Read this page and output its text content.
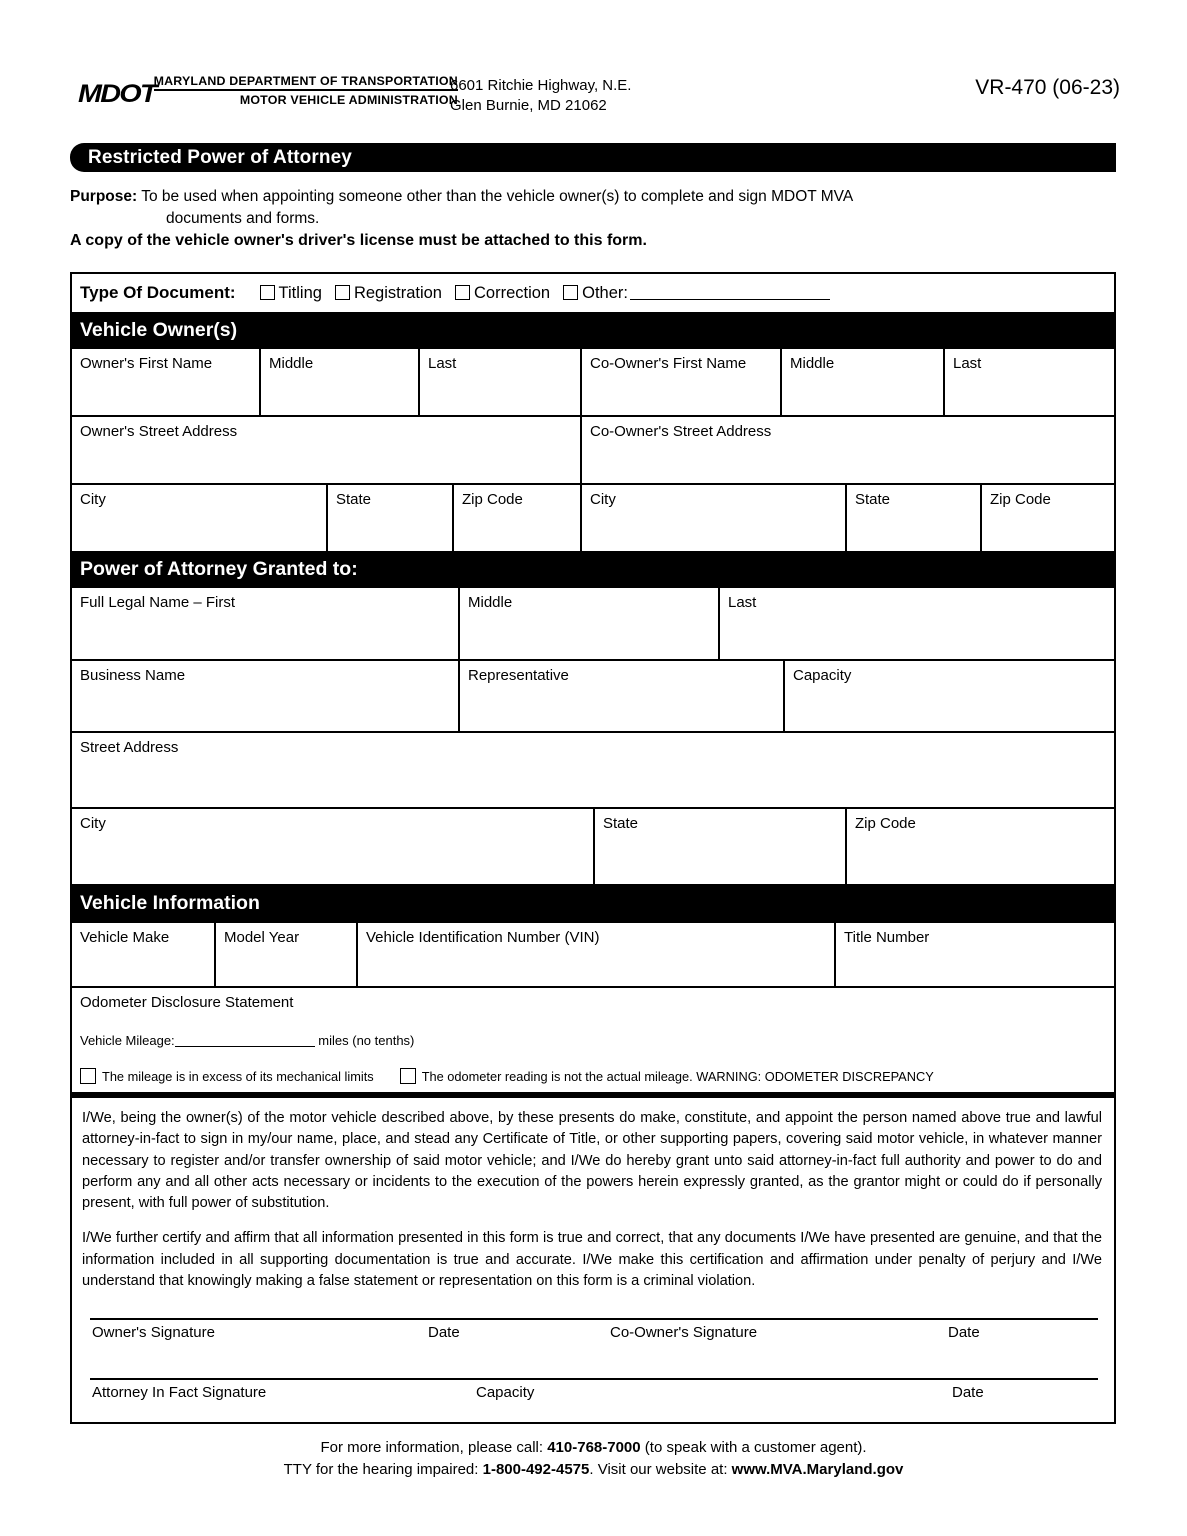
MDOT
MARYLAND DEPARTMENT OF TRANSPORTATION
MOTOR VEHICLE ADMINISTRATION
6601 Ritchie Highway, N.E.
Glen Burnie, MD 21062
VR-470 (06-23)
Restricted Power of Attorney
Purpose: To be used when appointing someone other than the vehicle owner(s) to complete and sign MDOT MVA
documents and forms.
A copy of the vehicle owner's driver's license must be attached to this form.
Type Of Document:	Titling	Registration	Correction	Other:
Vehicle Owner(s)
Owner's First Name	Middle	Last	Co-Owner's First Name	Middle	Last
Owner's Street Address	Co-Owner's Street Address
City	State	Zip Code	City	State	Zip Code
Power of Attorney Granted to:
Full Legal Name – First	Middle	Last
Business Name	Representative	Capacity
Street Address
City	State	Zip Code
Vehicle Information
Vehicle Make	Model Year	Vehicle Identification Number (VIN)	Title Number
Odometer Disclosure Statement
Vehicle Mileage:	miles (no tenths)
The mileage is in excess of its mechanical limits	The odometer reading is not the actual mileage. WARNING: ODOMETER DISCREPANCY

I/We, being the owner(s) of the motor vehicle described above, by these presents do make, constitute, and appoint the person named above true and lawful attorney-in-fact to sign in my/our name, place, and stead any Certificate of Title, or other supporting papers, covering said motor vehicle, in whatever manner necessary to register and/or transfer ownership of said motor vehicle; and I/We do hereby grant unto said attorney-in-fact full authority and power to do and perform any and all other acts necessary or incidents to the execution of the powers herein expressly granted, as the grantor might or could do if personally present, with full power of substitution.

I/We further certify and affirm that all information presented in this form is true and correct, that any documents I/We have presented are genuine, and that the information included in all supporting documentation is true and accurate. I/We make this certification and affirmation under penalty of perjury and I/We understand that knowingly making a false statement or representation on this form is a criminal violation.

Owner's Signature	Date	Co-Owner's Signature	Date
Attorney In Fact Signature	Capacity	Date
For more information, please call: 410-768-7000 (to speak with a customer agent).
TTY for the hearing impaired: 1-800-492-4575. Visit our website at: www.MVA.Maryland.gov
